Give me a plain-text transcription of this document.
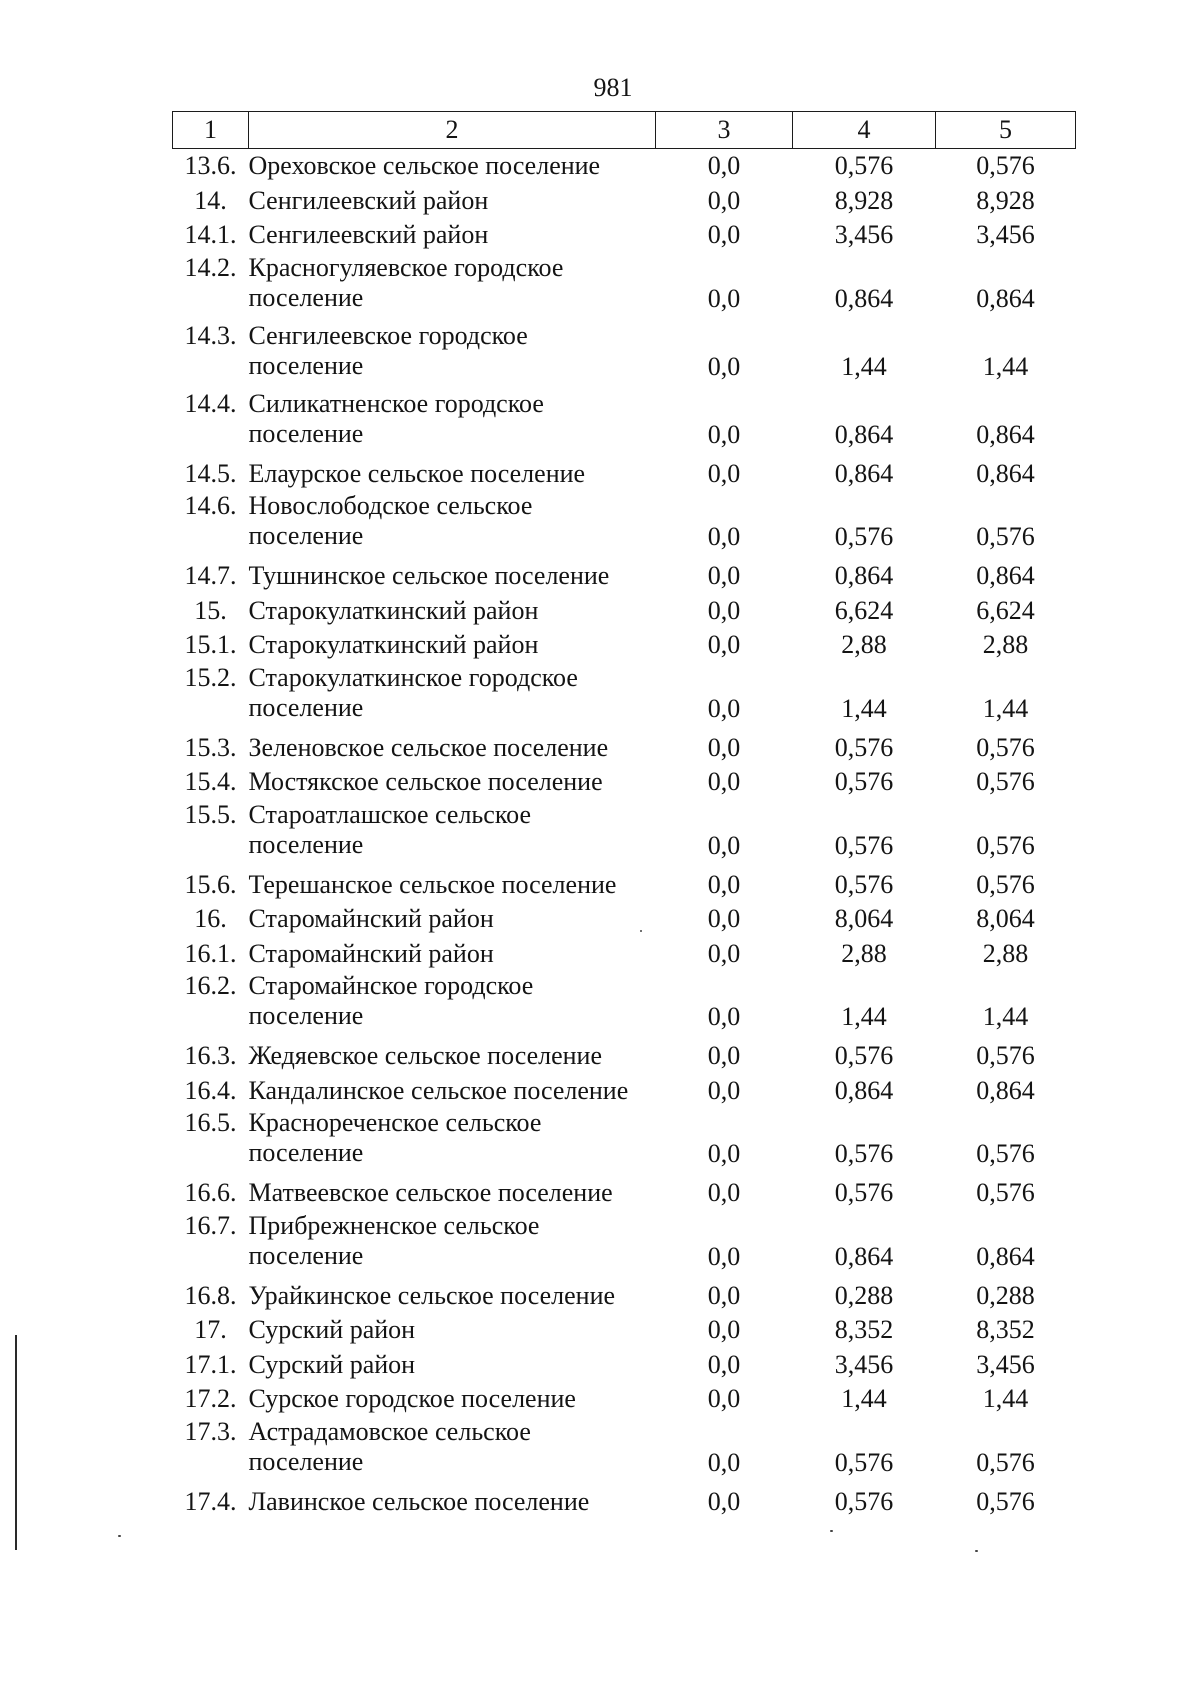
981
1	2	3	4	5
13.6.	Ореховское сельское поселение	0,0	0,576	0,576
14.	Сенгилеевский район	0,0	8,928	8,928
14.1.	Сенгилеевский район	0,0	3,456	3,456
14.2.	Красногуляевское городское
поселение	0,0	0,864	0,864
14.3.	Сенгилеевское городское
поселение	0,0	1,44	1,44
14.4.	Силикатненское городское
поселение	0,0	0,864	0,864
14.5.	Елаурское сельское поселение	0,0	0,864	0,864
14.6.	Новослободское сельское
поселение	0,0	0,576	0,576
14.7.	Тушнинское сельское поселение	0,0	0,864	0,864
15.	Старокулаткинский район	0,0	6,624	6,624
15.1.	Старокулаткинский район	0,0	2,88	2,88
15.2.	Старокулаткинское городское
поселение	0,0	1,44	1,44
15.3.	Зеленовское сельское поселение	0,0	0,576	0,576
15.4.	Мостякское сельское поселение	0,0	0,576	0,576
15.5.	Староатлашское сельское
поселение	0,0	0,576	0,576
15.6.	Терешанское сельское поселение	0,0	0,576	0,576
16.	Старомайнский район	0,0	8,064	8,064
16.1.	Старомайнский район	0,0	2,88	2,88
16.2.	Старомайнское городское
поселение	0,0	1,44	1,44
16.3.	Жедяевское сельское поселение	0,0	0,576	0,576
16.4.	Кандалинское сельское поселение	0,0	0,864	0,864
16.5.	Краснореченское сельское
поселение	0,0	0,576	0,576
16.6.	Матвеевское сельское поселение	0,0	0,576	0,576
16.7.	Прибрежненское сельское
поселение	0,0	0,864	0,864
16.8.	Урайкинское сельское поселение	0,0	0,288	0,288
17.	Сурский район	0,0	8,352	8,352
17.1.	Сурский район	0,0	3,456	3,456
17.2.	Сурское городское поселение	0,0	1,44	1,44
17.3.	Астрадамовское сельское
поселение	0,0	0,576	0,576
17.4.	Лавинское сельское поселение	0,0	0,576	0,576
